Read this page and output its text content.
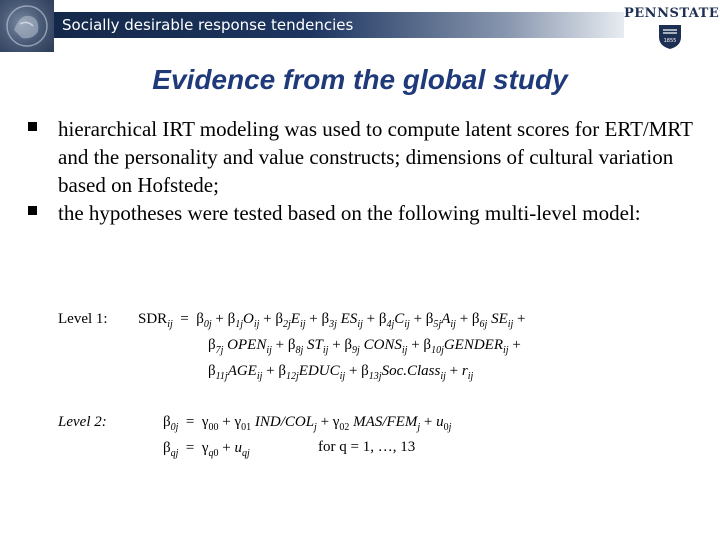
Socially desirable response tendencies
PENNSTATE
1855
Evidence from the global study
hierarchical IRT modeling was used to compute latent scores for ERT/MRT and the personality and value constructs; dimensions of cultural variation based on Hofstede;
the hypotheses were tested based on the following multi-level model:
Level 1: $SDR_{ij} = \beta_{0j} + \beta_{1j}O_{ij} + \beta_{2j}E_{ij} + \beta_{3j}$ $ES_{ij} + \beta_{4j}C_{ij} + \beta_{5j}A_{ij} + \beta_{6j}$ $SE_{ij}$ +
$\beta_{7j}$ $OPEN_{ij} + \beta_{8j}$ $ST_{ij} + \beta_{9j}$ $CONS_{ij}$ + $\beta_{10j}GENDER_{ij}$ +
$\beta_{11j}AGE_{ij}$ + $\beta_{12j}EDUC_{ij}$ + $\beta_{13j}Soc.Class_{ij} + r_{ij}$
Level 2:	$\beta_{0j} = \gamma_{00} + \gamma_{01}$ IND/$COL_j + \gamma_{02}$ MAS/$FEM_j + u_{0j}$
$\beta_{qj} = \gamma_{q0} + u_{qj}$	for q = 1, …, 13
